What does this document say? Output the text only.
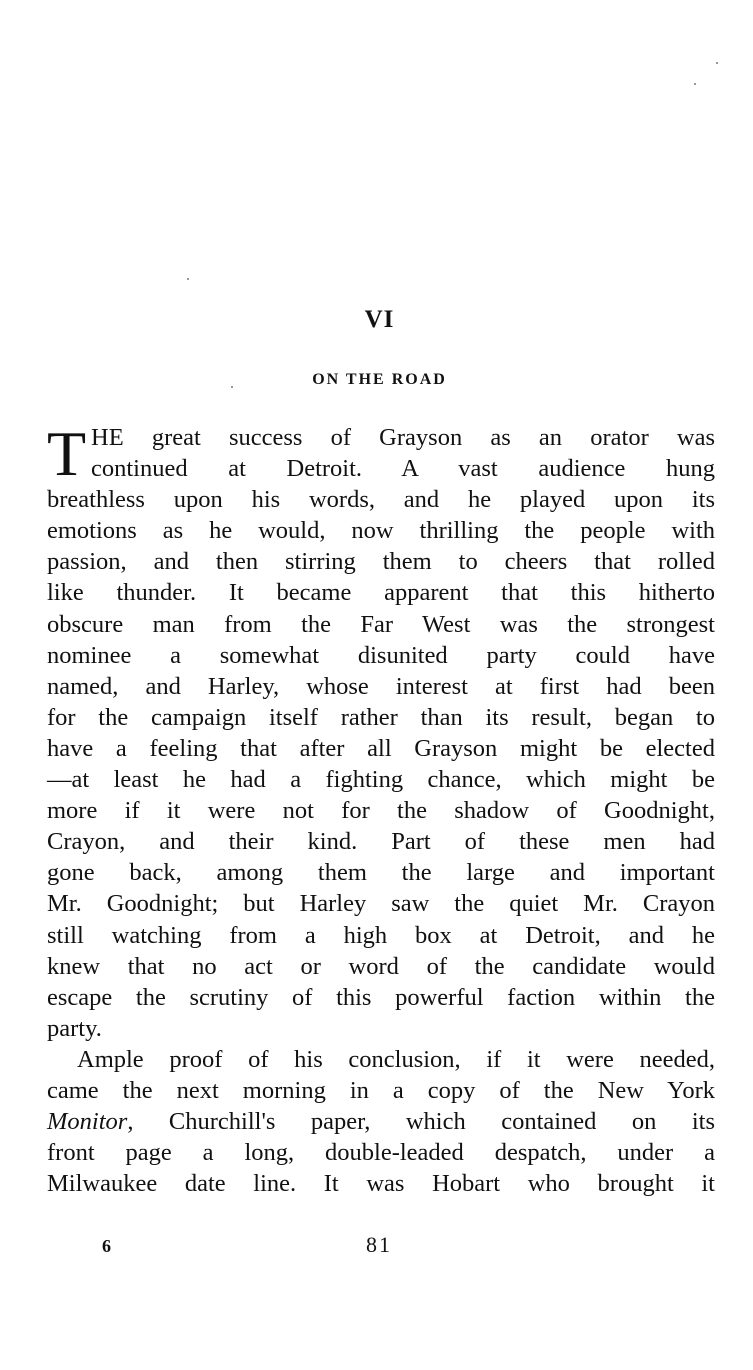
VI
ON THE ROAD
T HE great success of Grayson as an orator was
continued at Detroit. A vast audience hung
breathless upon his words, and he played upon its
emotions as he would, now thrilling the people with
passion, and then stirring them to cheers that rolled
like thunder. It became apparent that this hitherto
obscure man from the Far West was the strongest
nominee a somewhat disunited party could have
named, and Harley, whose interest at first had been
for the campaign itself rather than its result, began to
have a feeling that after all Grayson might be elected
—at least he had a fighting chance, which might be
more if it were not for the shadow of Goodnight,
Crayon, and their kind. Part of these men had
gone back, among them the large and important
Mr. Goodnight; but Harley saw the quiet Mr. Crayon
still watching from a high box at Detroit, and he
knew that no act or word of the candidate would
escape the scrutiny of this powerful faction within the
party.
Ample proof of his conclusion, if it were needed,
came the next morning in a copy of the New York
Monitor, Churchill's paper, which contained on its
front page a long, double-leaded despatch, under a
Milwaukee date line. It was Hobart who brought it
6	81
